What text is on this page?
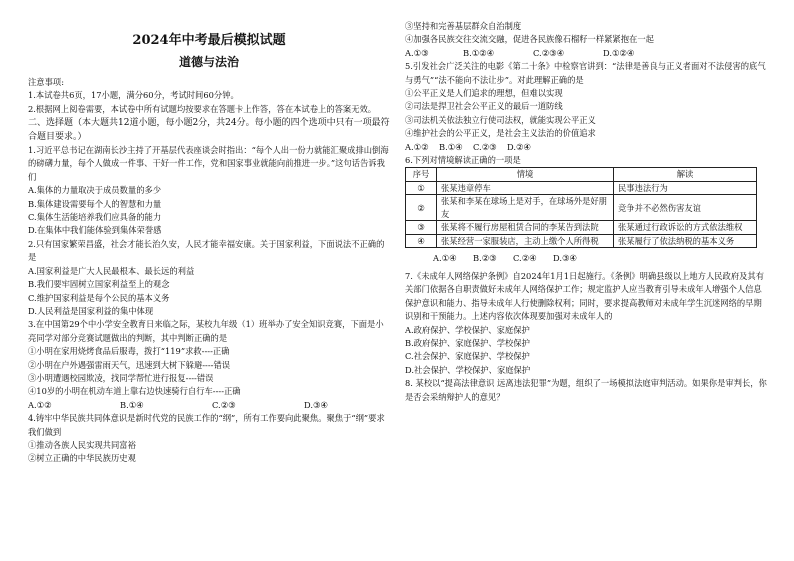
2024年中考最后模拟试题
道德与法治
注意事项:
1.本试卷共6页，17小题，满分60分，考试时间60分钟。
2.根据网上阅卷需要，本试卷中所有试题均按要求在答题卡上作答，答在本试卷上的答案无效。
二、选择题（本大题共12道小题，每小题2分，共24分。每小题的四个选项中只有一项最符合题目要求。）
1.习近平总书记在湖南长沙主持了开基层代表座谈会时指出：“每个人出一份力就能汇聚成排山倒海的磅礴力量，每个人做成一件事、干好一件工作，党和国家事业就能向前推进一步。”这句话告诉我们
A.集体的力量取决于成员数量的多少
B.集体建设需要每个人的智慧和力量
C.集体生活能培养我们应具备的能力
D.在集体中我们能体验到集体荣誉感
2.只有国家繁荣昌盛，社会才能长治久安，人民才能幸福安康。关于国家利益，下面说法不正确的是
A.国家利益是广大人民最根本、最长远的利益
B.我们要牢固树立国家利益至上的观念
C.维护国家利益是每个公民的基本义务
D.人民利益是国家利益的集中体现
3.在中国第29个中小学安全教育日来临之际，某校九年级（1）班举办了安全知识竞赛，下面是小亮同学对部分竞赛试题做出的判断，其中判断正确的是
①小明在家用烧烤食品后服毒，拨打“119”求救----正确
②小明在户外遇强雷雨天气，迅速到大树下躲避----错误
③小明遭遇校园欺凌，找同学帮忙进行报复----错误
④10岁的小明在机动车道上靠右边快速骑行自行车----正确
A.①②	B.①④	C.②③	D.③④
4.铸牢中华民族共同体意识是新时代党的民族工作的“纲”，所有工作要向此聚焦。聚焦于“纲”要求我们做到
①推动各族人民实现共同富裕
②树立正确的中华民族历史观
③坚持和完善基层群众自治制度
④加强各民族交往交流交融，促进各民族像石榴籽一样紧紧抱在一起
A.①③	B.①②④	C.②③④	D.①②④
5.引发社会广泛关注的电影《第二十条》中检察官讲到：“法律是善良与正义者面对不法侵害的底气与勇气”“法不能向不法让步”。对此理解正确的是
①公平正义是人们追求的理想，但难以实现
②司法是捍卫社会公平正义的最后一道防线
③司法机关依法独立行使司法权，就能实现公平正义
④维护社会的公平正义，是社会主义法治的价值追求
A.①②	B.①④	C.②③	D.②④
6.下列对情境解读正确的一项是
序号	情境	解读
①	张某违章停车	民事违法行为
②	张某和李某在球场上是对手，在球场外是好朋友	竞争并不必然伤害友谊
③	张某将不履行房屋租赁合同的李某告到法院	张某通过行政诉讼的方式依法维权
④	张某经营一家服装店，主动上缴个人所得税	张某履行了依法纳税的基本义务
A.①④	B.②③	C.②④	D.③④
7.《未成年人网络保护条例》自2024年1月1日起施行。《条例》明确县级以上地方人民政府及其有关部门依据各自职责做好未成年人网络保护工作；规定监护人应当教育引导未成年人增强个人信息保护意识和能力、指导未成年人行使删除权利；同时，要求提高教师对未成年学生沉迷网络的早期识别和干预能力。上述内容依次体现要加强对未成年人的
A.政府保护、学校保护、家庭保护
B.政府保护、家庭保护、学校保护
C.社会保护、家庭保护、学校保护
D.社会保护、学校保护、家庭保护
8. 某校以“提高法律意识 远离违法犯罪”为题，组织了一场模拟法庭审判活动。如果你是审判长，你是否会采纳辩护人的意见？
